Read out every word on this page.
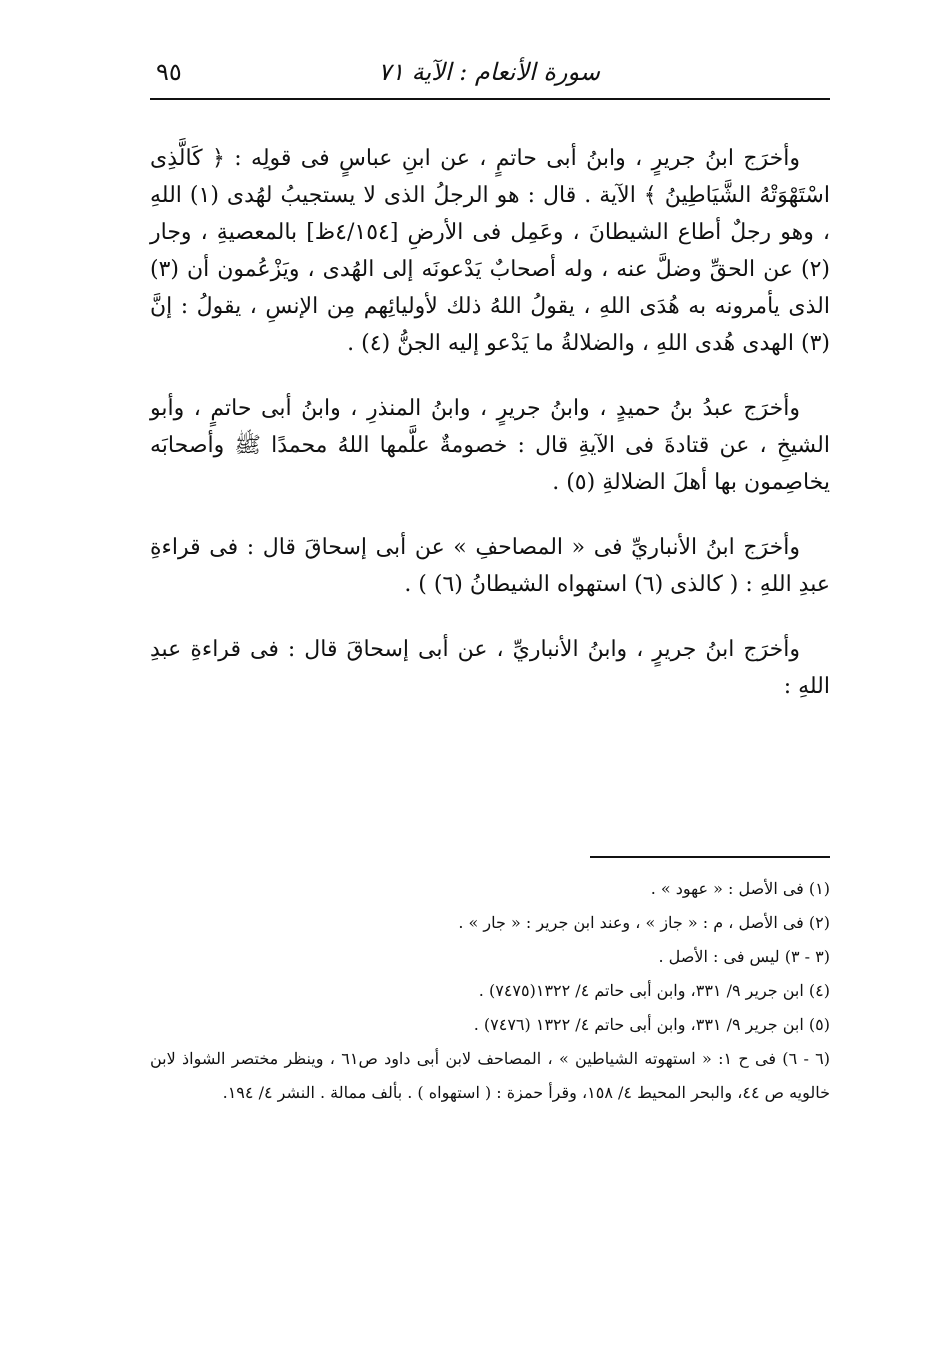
سورة الأنعام : الآية ٧١
٩٥

وأخرَج ابنُ جريرٍ ، وابنُ أبى حاتمٍ ، عن ابنِ عباسٍ فى قولِه : ﴿ كَالَّذِى اسْتَهْوَتْهُ الشَّيَاطِينُ ﴾ الآية . قال : هو الرجلُ الذى لا يستجيبُ لهُدى (١) اللهِ ، وهو رجلٌ أطاع الشيطانَ ، وعَمِل فى الأرضِ [٤/١٥٤ظ] بالمعصيةِ ، وجار (٢) عن الحقِّ وضلَّ عنه ، وله أصحابٌ يَدْعونَه إلى الهُدى ، ويَزْعُمون أن (٣) الذى يأمرونه به هُدَى اللهِ ، يقولُ اللهُ ذلك لأوليائِهم مِن الإنسِ ، يقولُ : إنَّ (٣) الهدى هُدى اللهِ ، والضلالةُ ما يَدْعو إليه الجنُّ (٤) .

وأخرَج عبدُ بنُ حميدٍ ، وابنُ جريرٍ ، وابنُ المنذرِ ، وابنُ أبى حاتمٍ ، وأبو الشيخِ ، عن قتادةَ فى الآيةِ قال : خصومةٌ علَّمها اللهُ محمدًا ﷺ وأصحابَه يخاصِمون بها أهلَ الضلالةِ (٥) .

وأخرَج ابنُ الأنباريِّ فى « المصاحفِ » عن أبى إسحاقَ قال : فى قراءةِ عبدِ اللهِ : ( كالذى (٦) استهواه الشيطانُ (٦) ) .

وأخرَج ابنُ جريرٍ ، وابنُ الأنباريِّ ، عن أبى إسحاقَ قال : فى قراءةِ عبدِ اللهِ :

(١) فى الأصل : « عهود » .

(٢) فى الأصل ، م : « جاز » ، وعند ابن جرير : « جار » .

(٣ - ٣) ليس فى : الأصل .

(٤) ابن جرير ٩/ ٣٣١، وابن أبى حاتم ٤/ ١٣٢٢(٧٤٧٥) .

(٥) ابن جرير ٩/ ٣٣١، وابن أبى حاتم ٤/ ١٣٢٢ (٧٤٧٦) .

(٦ - ٦) فى ح ١: « استهوته الشياطين » ، المصاحف لابن أبى داود ص٦١ ، وينظر مختصر الشواذ لابن خالويه ص ٤٤، والبحر المحيط ٤/ ١٥٨، وقرأ حمزة : ( استهواه ) . بألف ممالة . النشر ٤/ ١٩٤.
